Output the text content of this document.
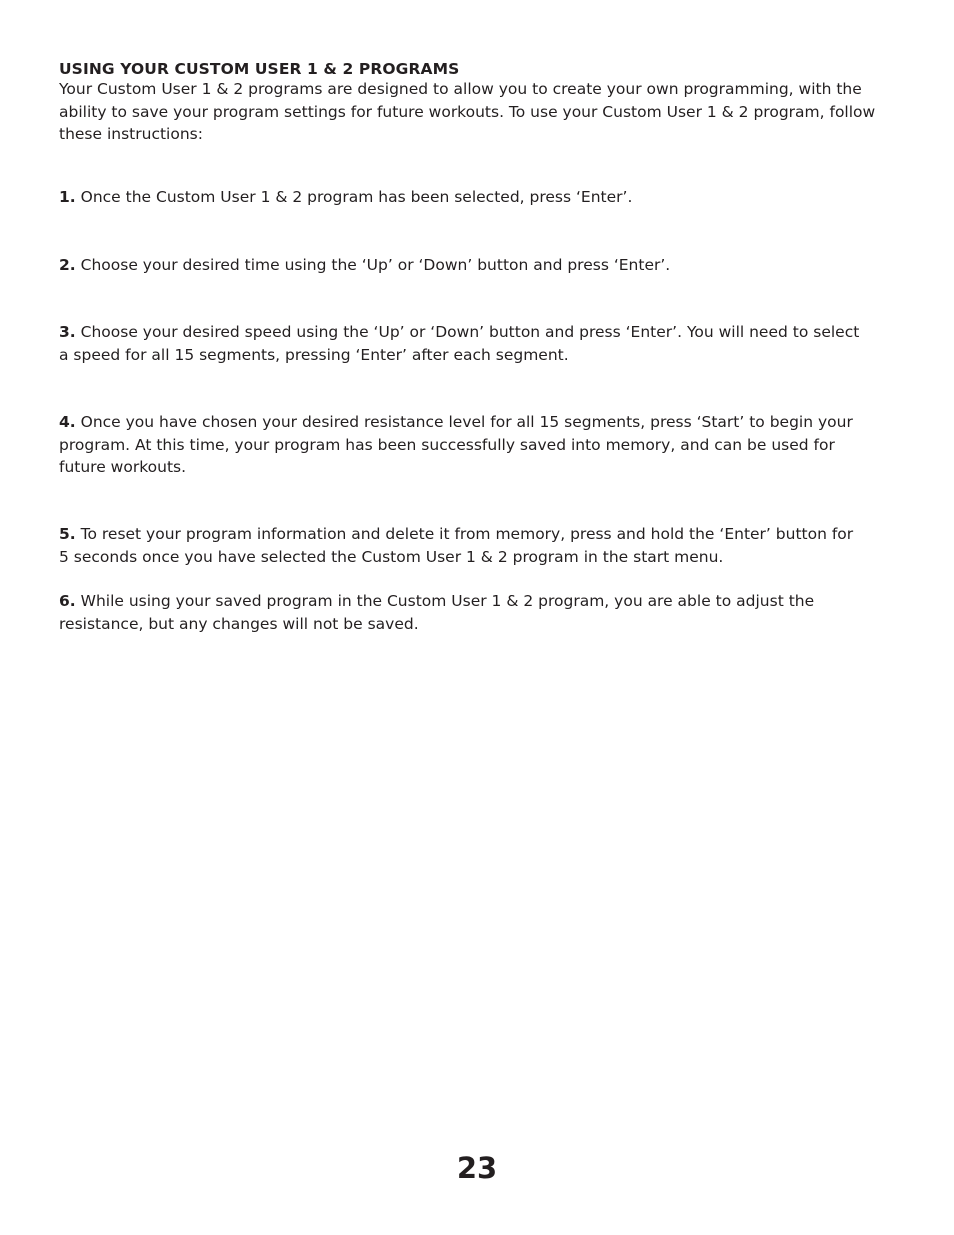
USING YOUR CUSTOM USER 1 & 2 PROGRAMS

Your Custom User 1 & 2 programs are designed to allow you to create your own programming, with the ability to save your program settings for future workouts. To use your Custom User 1 & 2 program, follow these instructions:

1. Once the Custom User 1 & 2 program has been selected, press ‘Enter’.

2. Choose your desired time using the ‘Up’ or ‘Down’ button and press ‘Enter’.

3. Choose your desired speed using the ‘Up’ or ‘Down’ button and press ‘Enter’. You will need to select a speed for all 15 segments, pressing ‘Enter’ after each segment.

4. Once you have chosen your desired resistance level for all 15 segments, press ‘Start’ to begin your program. At this time, your program has been successfully saved into memory, and can be used for future workouts.

5. To reset your program information and delete it from memory, press and hold the ‘Enter’ button for 5 seconds once you have selected the Custom User 1 & 2 program in the start menu.

6. While using your saved program in the Custom User 1 & 2 program, you are able to adjust the resistance, but any changes will not be saved.

23
